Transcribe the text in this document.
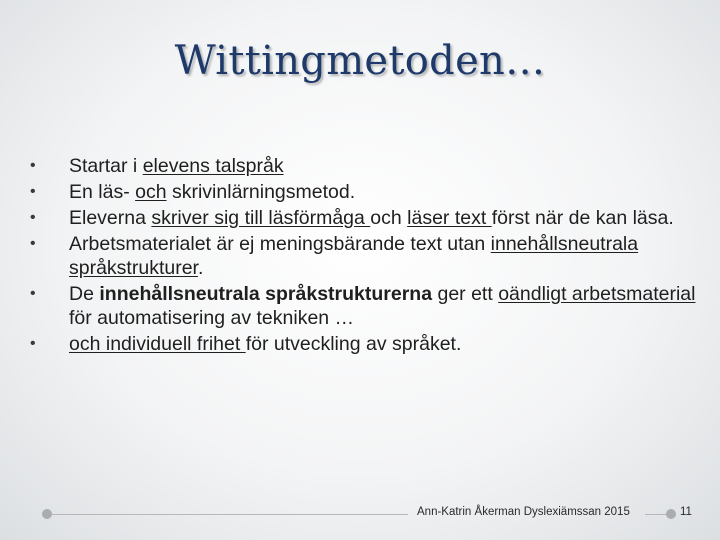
Wittingmetoden…
•	Startar i elevens talspråk
•	En läs- och skrivinlärningsmetod.
•	Eleverna skriver sig till läsförmåga och läser text först när de kan läsa.
•	Arbetsmaterialet är ej meningsbärande text utan innehållsneutrala språkstrukturer.
•	De innehållsneutrala språkstrukturerna ger ett oändligt arbetsmaterial för automatisering av tekniken …
•	och individuell frihet för utveckling av språket.
Ann-Katrin Åkerman Dyslexiämssan 2015	11
